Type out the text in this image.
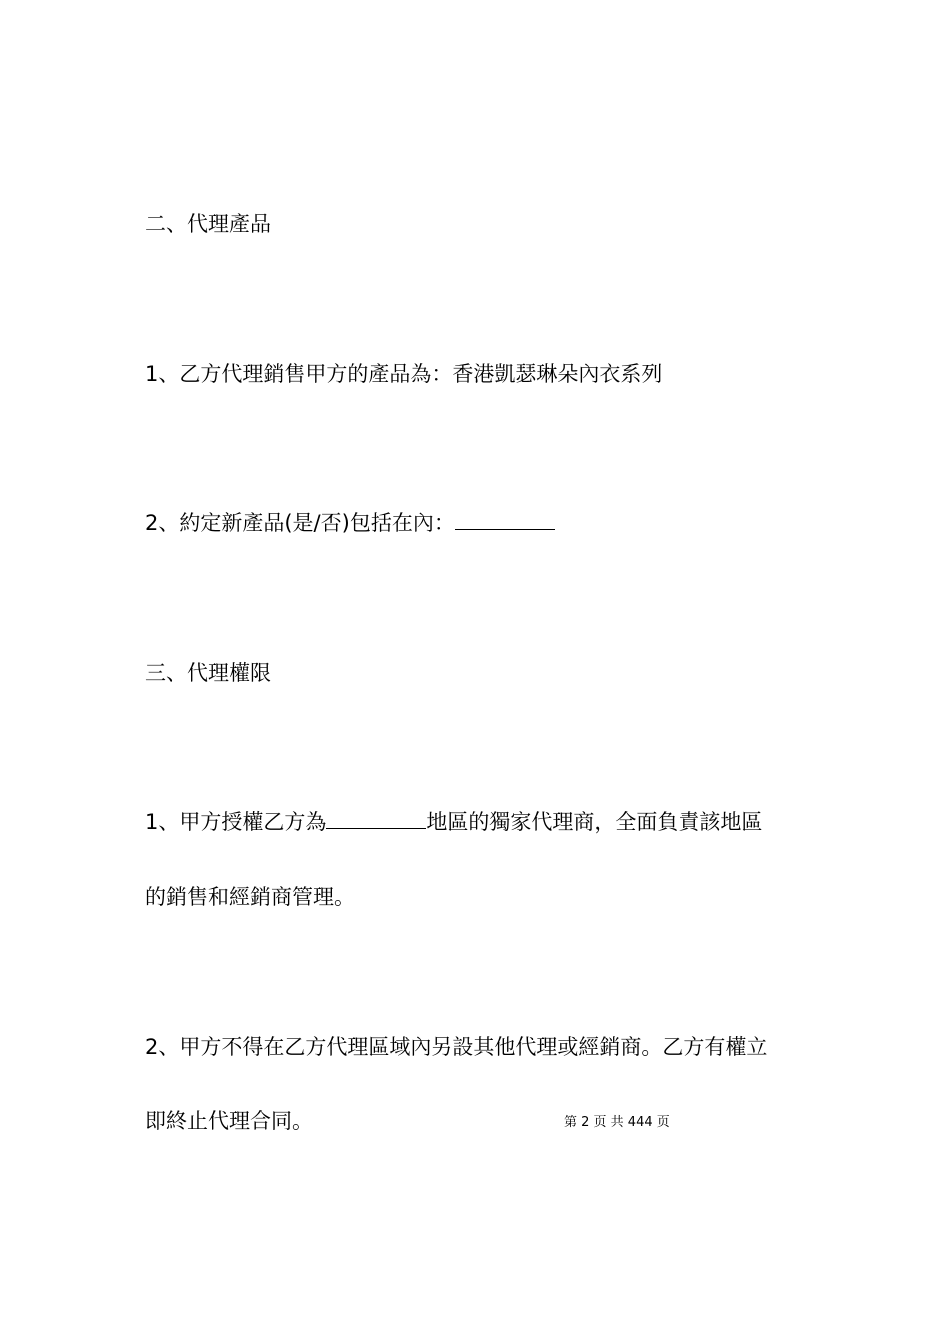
二、代理產品

1、乙方代理銷售甲方的產品為：香港凱瑟琳朵內衣系列

2、約定新產品(是/否)包括在內：

三、代理權限

1、甲方授權乙方為	地區的獨家代理商，全面負責該地區

的銷售和經銷商管理。

2、甲方不得在乙方代理區域內另設其他代理或經銷商。乙方有權立

即終止代理合同。	第 2 页 共 444 页
